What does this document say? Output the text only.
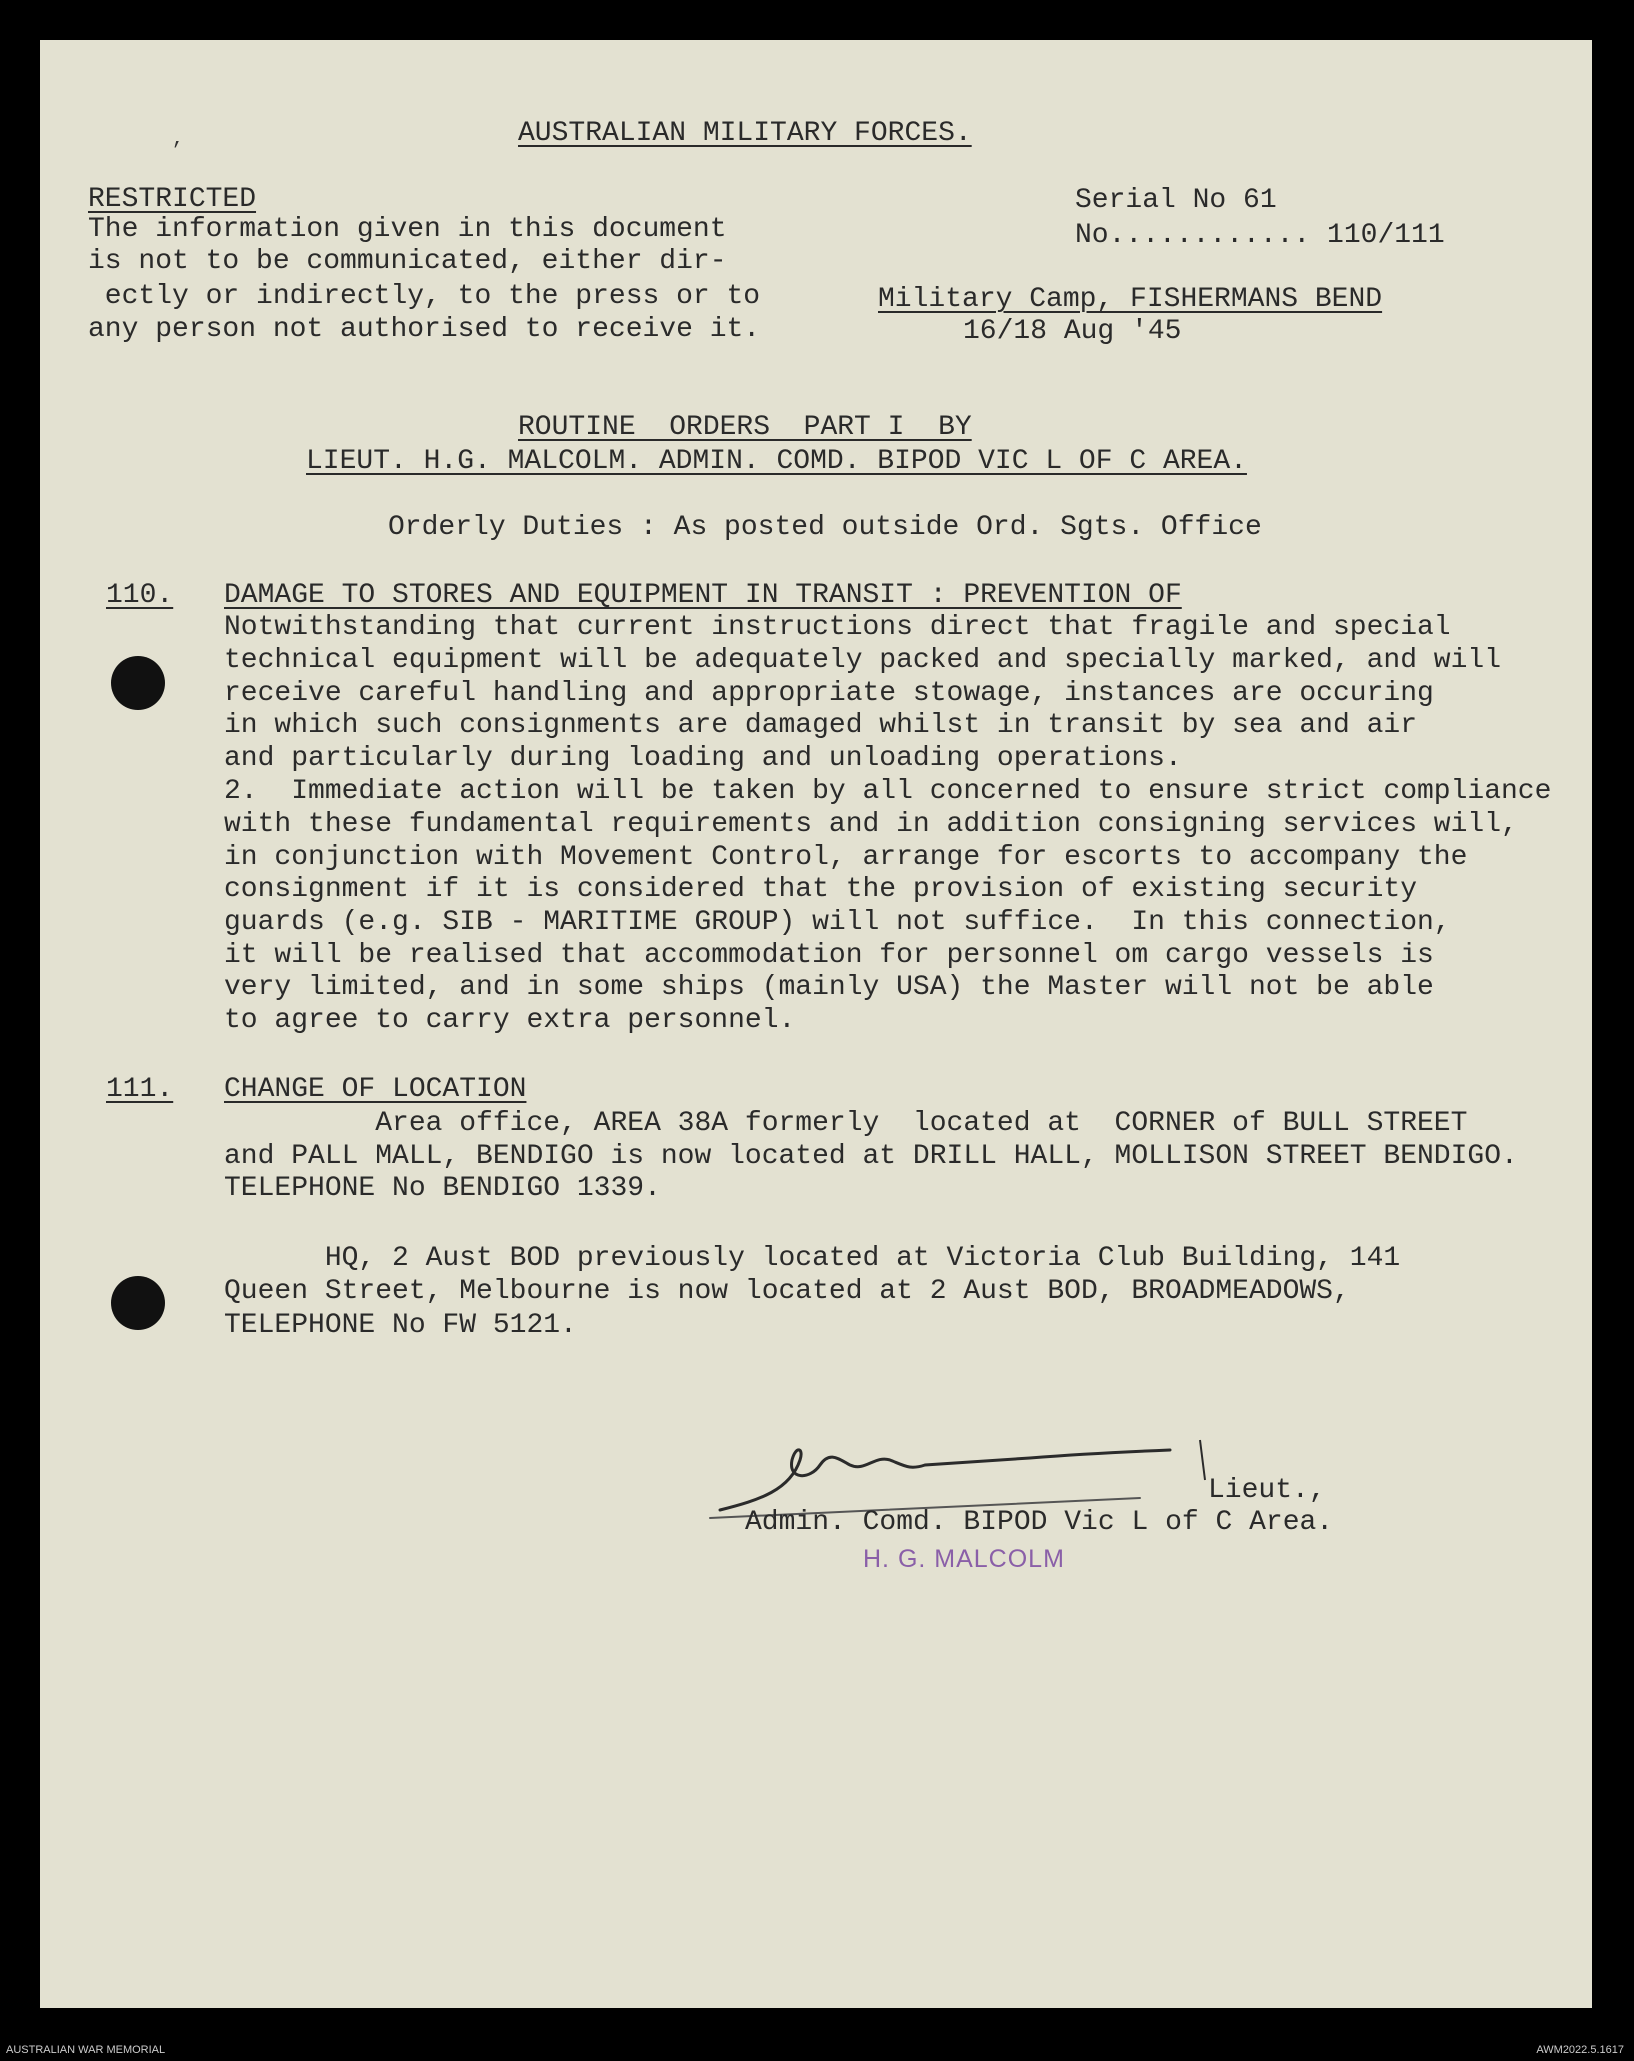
,	AUSTRALIAN MILITARY FORCES.

RESTRICTED

The information given in this document

is not to be communicated, either dir-

ectly or indirectly, to the press or to

any person not authorised to receive it.

Serial No 61

No............ 110/111

Military Camp, FISHERMANS BEND

16/18 Aug '45

ROUTINE  ORDERS  PART I  BY

LIEUT. H.G. MALCOLM. ADMIN. COMD. BIPOD VIC L OF C AREA.

Orderly Duties : As posted outside Ord. Sgts. Office

110. DAMAGE TO STORES AND EQUIPMENT IN TRANSIT : PREVENTION OF

Notwithstanding that current instructions direct that fragile and special

technical equipment will be adequately packed and specially marked, and will

receive careful handling and appropriate stowage, instances are occuring

in which such consignments are damaged whilst in transit by sea and air

and particularly during loading and unloading operations.

2.  Immediate action will be taken by all concerned to ensure strict compliance

with these fundamental requirements and in addition consigning services will,

in conjunction with Movement Control, arrange for escorts to accompany the

consignment if it is considered that the provision of existing security

guards (e.g. SIB - MARITIME GROUP) will not suffice.  In this connection,

it will be realised that accommodation for personnel om cargo vessels is

very limited, and in some ships (mainly USA) the Master will not be able

to agree to carry extra personnel.

111. CHANGE OF LOCATION

Area office, AREA 38A formerly  located at  CORNER of BULL STREET

and PALL MALL, BENDIGO is now located at DRILL HALL, MOLLISON STREET BENDIGO.

TELEPHONE No BENDIGO 1339.

HQ, 2 Aust BOD previously located at Victoria Club Building, 141

Queen Street, Melbourne is now located at 2 Aust BOD, BROADMEADOWS,

TELEPHONE No FW 5121.

Lieut.,

Admin. Comd. BIPOD Vic L of C Area.

H. G. MALCOLM

AUSTRALIAN WAR MEMORIAL	AWM2022.5.1617
